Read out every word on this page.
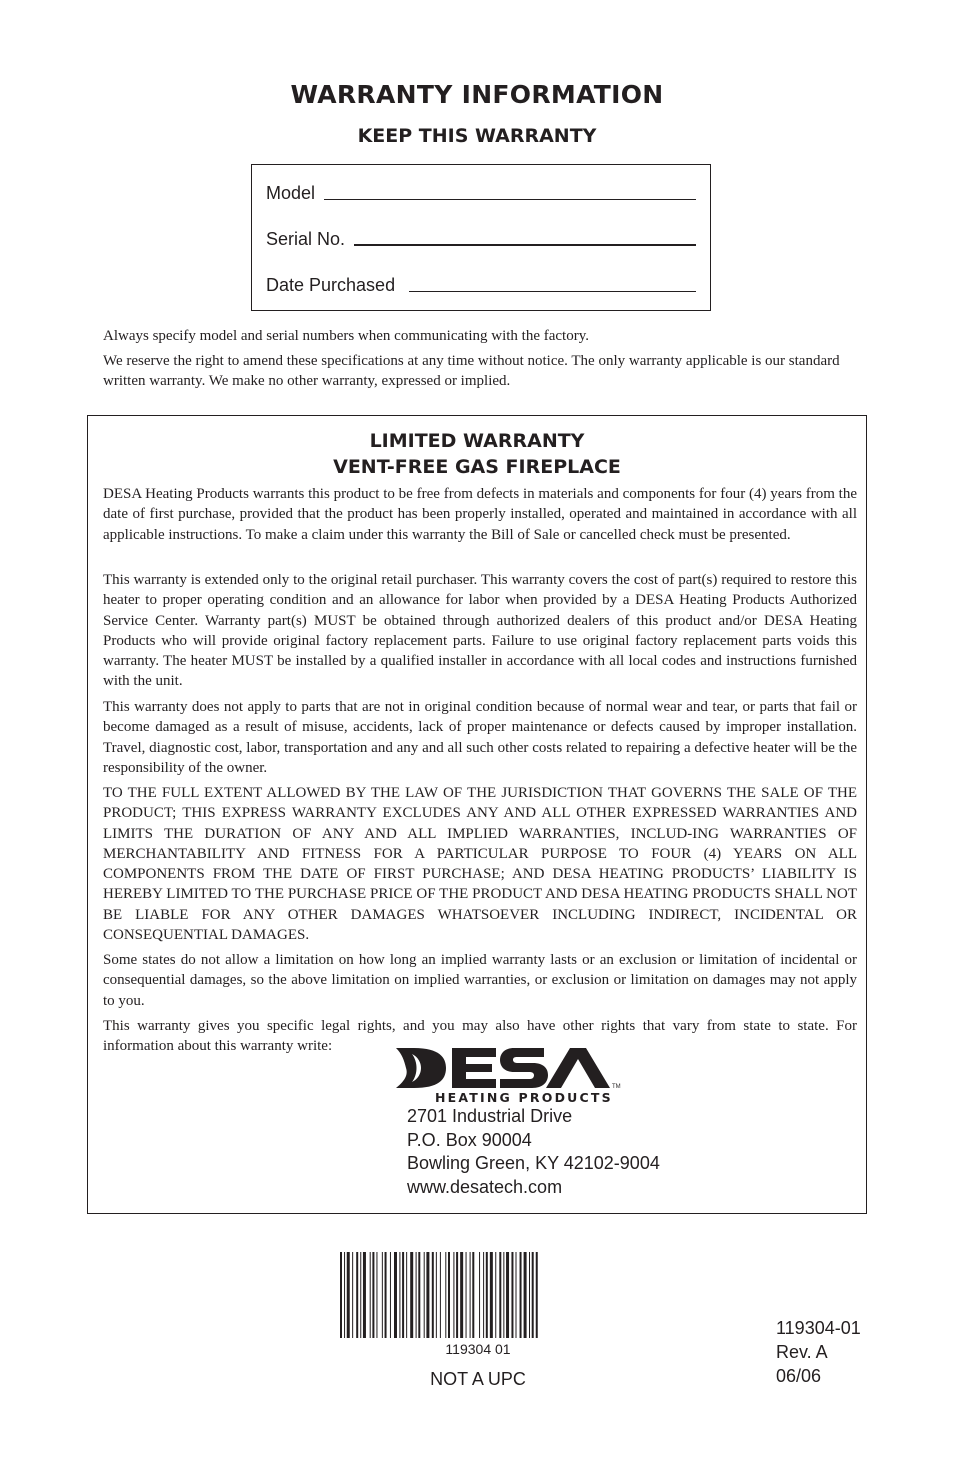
WARRANTY INFORMATION
KEEP THIS WARRANTY
Model
Serial No.
Date Purchased
Always specify model and serial numbers when communicating with the factory.
We reserve the right to amend these specifications at any time without notice. The only warranty applicable is our standard written warranty. We make no other warranty, expressed or implied.
LIMITED WARRANTY
VENT-FREE GAS FIREPLACE

DESA Heating Products warrants this product to be free from defects in materials and components for four (4) years from the date of first purchase, provided that the product has been properly installed, operated and maintained in accordance with all applicable instructions. To make a claim under this warranty the Bill of Sale or cancelled check must be presented.

This warranty is extended only to the original retail purchaser. This warranty covers the cost of part(s) required to restore this heater to proper operating condition and an allowance for labor when provided by a DESA Heating Products Authorized Service Center. Warranty part(s) MUST be obtained through authorized dealers of this product and/or DESA Heating Products who will provide original factory replacement parts. Failure to use original factory replacement parts voids this warranty. The heater MUST be installed by a qualified installer in accordance with all local codes and instructions furnished with the unit.

This warranty does not apply to parts that are not in original condition because of normal wear and tear, or parts that fail or become damaged as a result of misuse, accidents, lack of proper maintenance or defects caused by improper installation. Travel, diagnostic cost, labor, transportation and any and all such other costs related to repairing a defective heater will be the responsibility of the owner.

TO THE FULL EXTENT ALLOWED BY THE LAW OF THE JURISDICTION THAT GOVERNS THE SALE OF THE PRODUCT; THIS EXPRESS WARRANTY EXCLUDES ANY AND ALL OTHER EXPRESSED WARRANTIES AND LIMITS THE DURATION OF ANY AND ALL IMPLIED WARRANTIES, INCLUD-ING WARRANTIES OF MERCHANTABILITY AND FITNESS FOR A PARTICULAR PURPOSE TO FOUR (4) YEARS ON ALL COMPONENTS FROM THE DATE OF FIRST PURCHASE; AND DESA HEATING PRODUCTS’ LIABILITY IS HEREBY LIMITED TO THE PURCHASE PRICE OF THE PRODUCT AND DESA HEATING PRODUCTS SHALL NOT BE LIABLE FOR ANY OTHER DAMAGES WHATSOEVER INCLUDING INDIRECT, INCIDENTAL OR CONSEQUENTIAL DAMAGES.

Some states do not allow a limitation on how long an implied warranty lasts or an exclusion or limitation of incidental or consequential damages, so the above limitation on implied warranties, or exclusion or limitation on damages may not apply to you.

This warranty gives you specific legal rights, and you may also have other rights that vary from state to state. For information about this warranty write:

TM
HEATING PRODUCTS
2701 Industrial Drive
P.O. Box 90004
Bowling Green, KY 42102-9004
www.desatech.com
119304 01
NOT A UPC
119304-01
Rev. A
06/06
